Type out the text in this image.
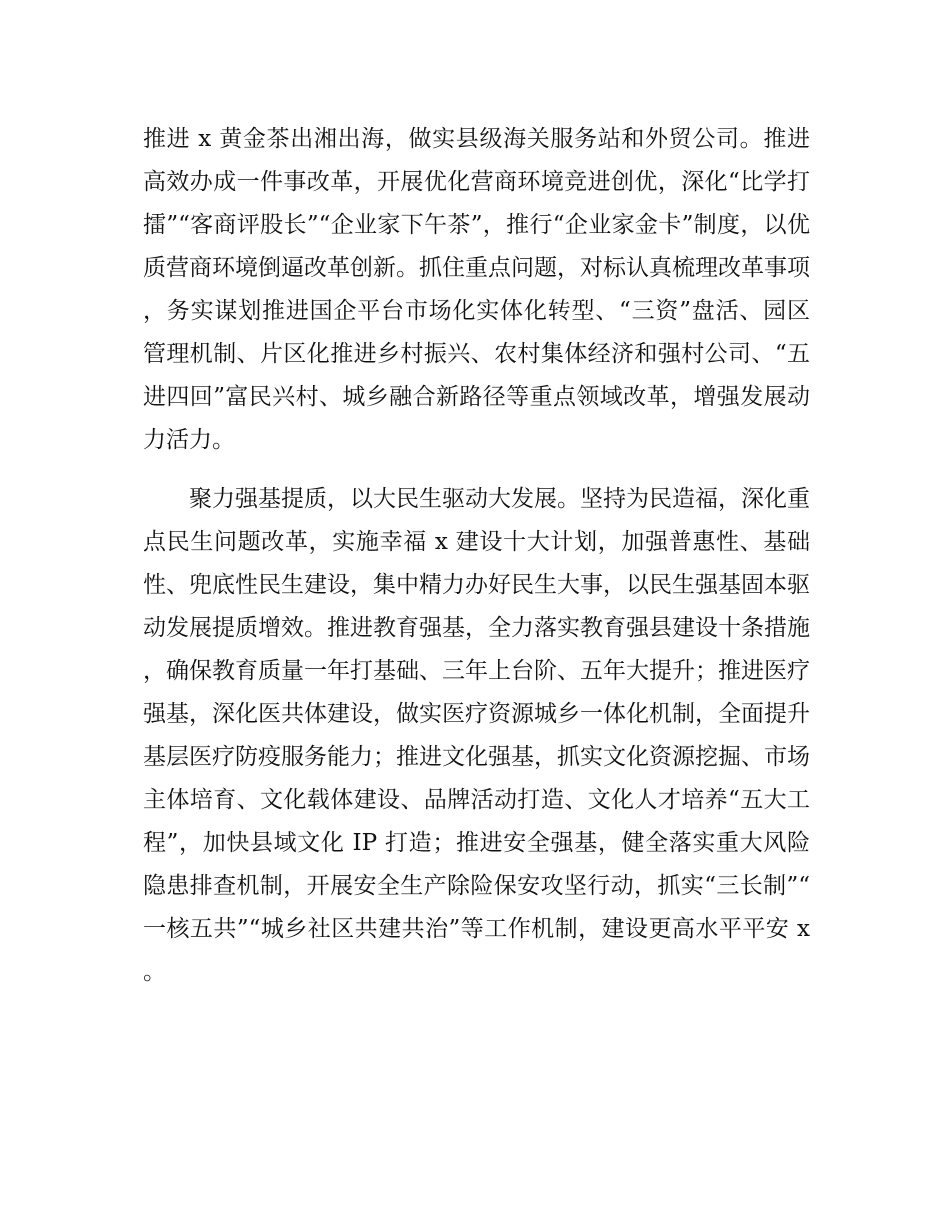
推进 x 黄金茶出湘出海，做实县级海关服务站和外贸公司。推进高效办成一件事改革，开展优化营商环境竞进创优，深化“比学打擂”“客商评股长”“企业家下午茶”，推行“企业家金卡”制度，以优质营商环境倒逼改革创新。抓住重点问题，对标认真梳理改革事项，务实谋划推进国企平台市场化实体化转型、“三资”盘活、园区管理机制、片区化推进乡村振兴、农村集体经济和强村公司、“五进四回”富民兴村、城乡融合新路径等重点领域改革，增强发展动力活力。

聚力强基提质，以大民生驱动大发展。坚持为民造福，深化重点民生问题改革，实施幸福 x 建设十大计划，加强普惠性、基础性、兜底性民生建设，集中精力办好民生大事，以民生强基固本驱动发展提质增效。推进教育强基，全力落实教育强县建设十条措施，确保教育质量一年打基础、三年上台阶、五年大提升；推进医疗强基，深化医共体建设，做实医疗资源城乡一体化机制，全面提升基层医疗防疫服务能力；推进文化强基，抓实文化资源挖掘、市场主体培育、文化载体建设、品牌活动打造、文化人才培养“五大工程”，加快县域文化 IP 打造；推进安全强基，健全落实重大风险隐患排查机制，开展安全生产除险保安攻坚行动，抓实“三长制”“一核五共”“城乡社区共建共治”等工作机制，建设更高水平平安 x。
